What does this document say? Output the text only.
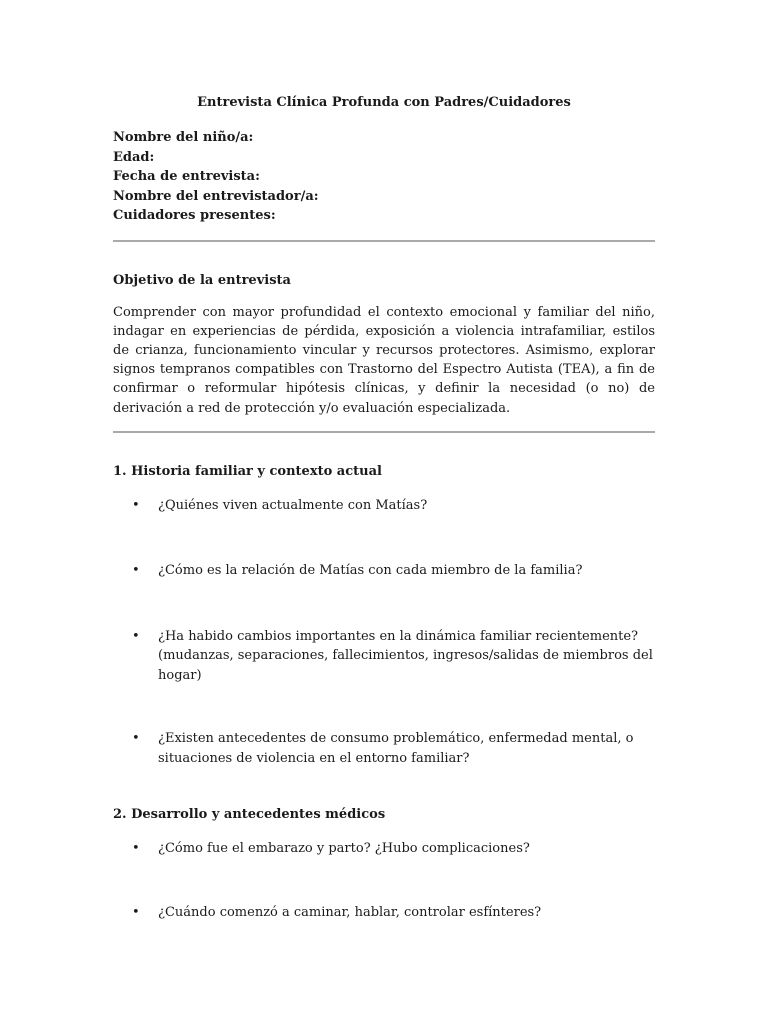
Entrevista Clínica Profunda con Padres/Cuidadores

Nombre del niño/a:

Edad:

Fecha de entrevista:

Nombre del entrevistador/a:

Cuidadores presentes:

Objetivo de la entrevista

Comprender con mayor profundidad el contexto emocional y familiar del niño, indagar en experiencias de pérdida, exposición a violencia intrafamiliar, estilos de crianza, funcionamiento vincular y recursos protectores. Asimismo, explorar signos tempranos compatibles con Trastorno del Espectro Autista (TEA), a fin de confirmar o reformular hipótesis clínicas, y definir la necesidad (o no) de derivación a red de protección y/o evaluación especializada.

1. Historia familiar y contexto actual

• ¿Quiénes viven actualmente con Matías?
• ¿Cómo es la relación de Matías con cada miembro de la familia?
• ¿Ha habido cambios importantes en la dinámica familiar recientemente? (mudanzas, separaciones, fallecimientos, ingresos/salidas de miembros del hogar)
• ¿Existen antecedentes de consumo problemático, enfermedad mental, o situaciones de violencia en el entorno familiar?

2. Desarrollo y antecedentes médicos

• ¿Cómo fue el embarazo y parto? ¿Hubo complicaciones?
• ¿Cuándo comenzó a caminar, hablar, controlar esfínteres?
